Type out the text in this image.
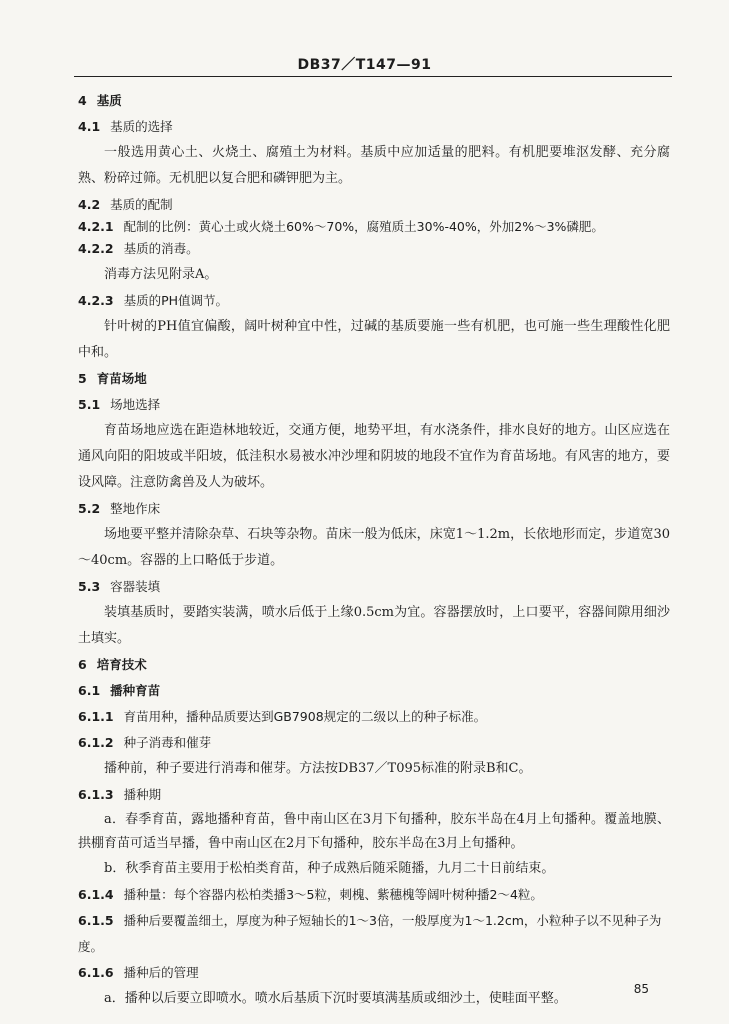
DB37／T147—91
4 基质
4.1 基质的选择
一般选用黄心土、火烧土、腐殖土为材料。基质中应加适量的肥料。有机肥要堆沤发酵、充分腐熟、粉碎过筛。无机肥以复合肥和磷钾肥为主。
4.2 基质的配制
4.2.1 配制的比例：黄心土或火烧土60%～70%，腐殖质土30%-40%，外加2%～3%磷肥。
4.2.2 基质的消毒。
消毒方法见附录A。
4.2.3 基质的PH值调节。
针叶树的PH值宜偏酸，阔叶树种宜中性，过碱的基质要施一些有机肥，也可施一些生理酸性化肥中和。
5 育苗场地
5.1 场地选择
育苗场地应选在距造林地较近，交通方便，地势平坦，有水浇条件，排水良好的地方。山区应选在通风向阳的阳坡或半阳坡，低洼积水易被水冲沙埋和阴坡的地段不宜作为育苗场地。有风害的地方，要设风障。注意防禽兽及人为破坏。
5.2 整地作床
场地要平整并清除杂草、石块等杂物。苗床一般为低床，床宽1～1.2m，长依地形而定，步道宽30～40cm。容器的上口略低于步道。
5.3 容器装填
装填基质时，要踏实装满，喷水后低于上缘0.5cm为宜。容器摆放时，上口要平，容器间隙用细沙土填实。
6 培育技术
6.1 播种育苗
6.1.1 育苗用种，播种品质要达到GB7908规定的二级以上的种子标准。
6.1.2 种子消毒和催芽
播种前，种子要进行消毒和催芽。方法按DB37／T095标准的附录B和C。
6.1.3 播种期
a．春季育苗，露地播种育苗，鲁中南山区在3月下旬播种，胶东半岛在4月上旬播种。覆盖地膜、拱棚育苗可适当早播，鲁中南山区在2月下旬播种，胶东半岛在3月上旬播种。
b．秋季育苗主要用于松柏类育苗，种子成熟后随采随播，九月二十日前结束。
6.1.4 播种量：每个容器内松柏类播3～5粒，刺槐、紫穗槐等阔叶树种播2～4粒。
6.1.5 播种后要覆盖细土，厚度为种子短轴长的1～3倍，一般厚度为1～1.2cm，小粒种子以不见种子为度。
6.1.6 播种后的管理
a．播种以后要立即喷水。喷水后基质下沉时要填满基质或细沙土，使畦面平整。
85
